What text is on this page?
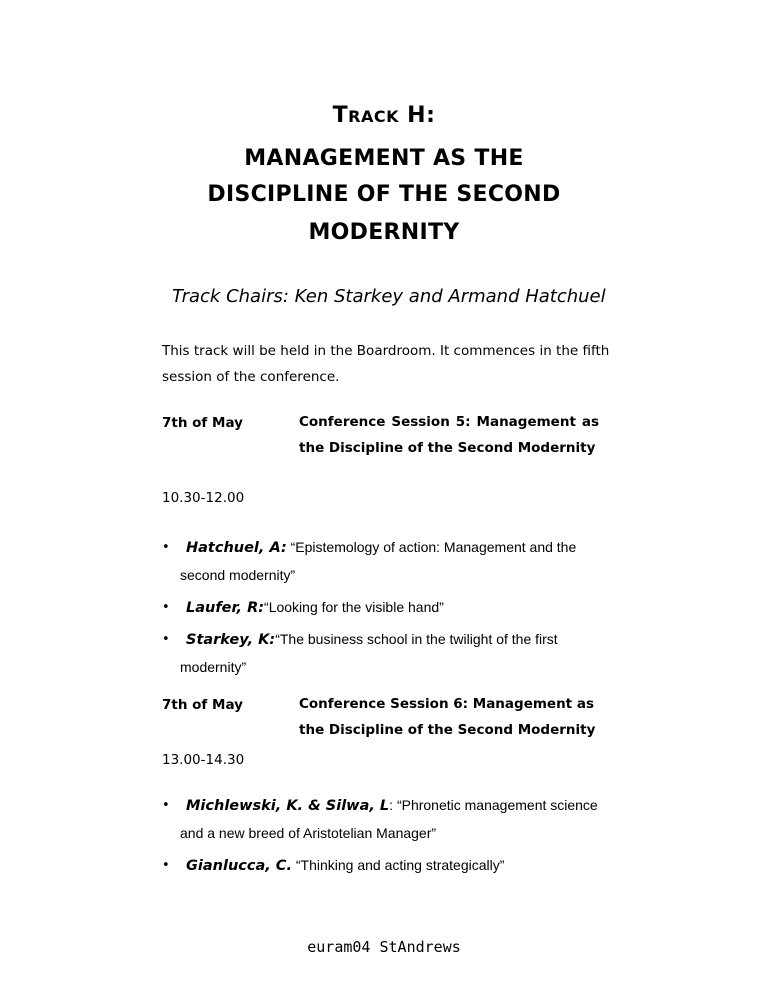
TRACK H:
MANAGEMENT AS THE
DISCIPLINE OF THE SECOND
MODERNITY
Track Chairs: Ken Starkey and Armand Hatchuel
This track will be held in the Boardroom. It commences in the fifth session of the conference.
7th of May	Conference Session 5: Management as the Discipline of the Second Modernity
10.30-12.00
• Hatchuel, A: “Epistemology of action: Management and the second modernity”
• Laufer, R:“Looking for the visible hand”
• Starkey, K:“The business school in the twilight of the first modernity”
7th of May	Conference Session 6: Management as the Discipline of the Second Modernity
13.00-14.30
• Michlewski, K. & Silwa, L: “Phronetic management science and a new breed of Aristotelian Manager”
• Gianlucca, C. “Thinking and acting strategically”
euram04 StAndrews
